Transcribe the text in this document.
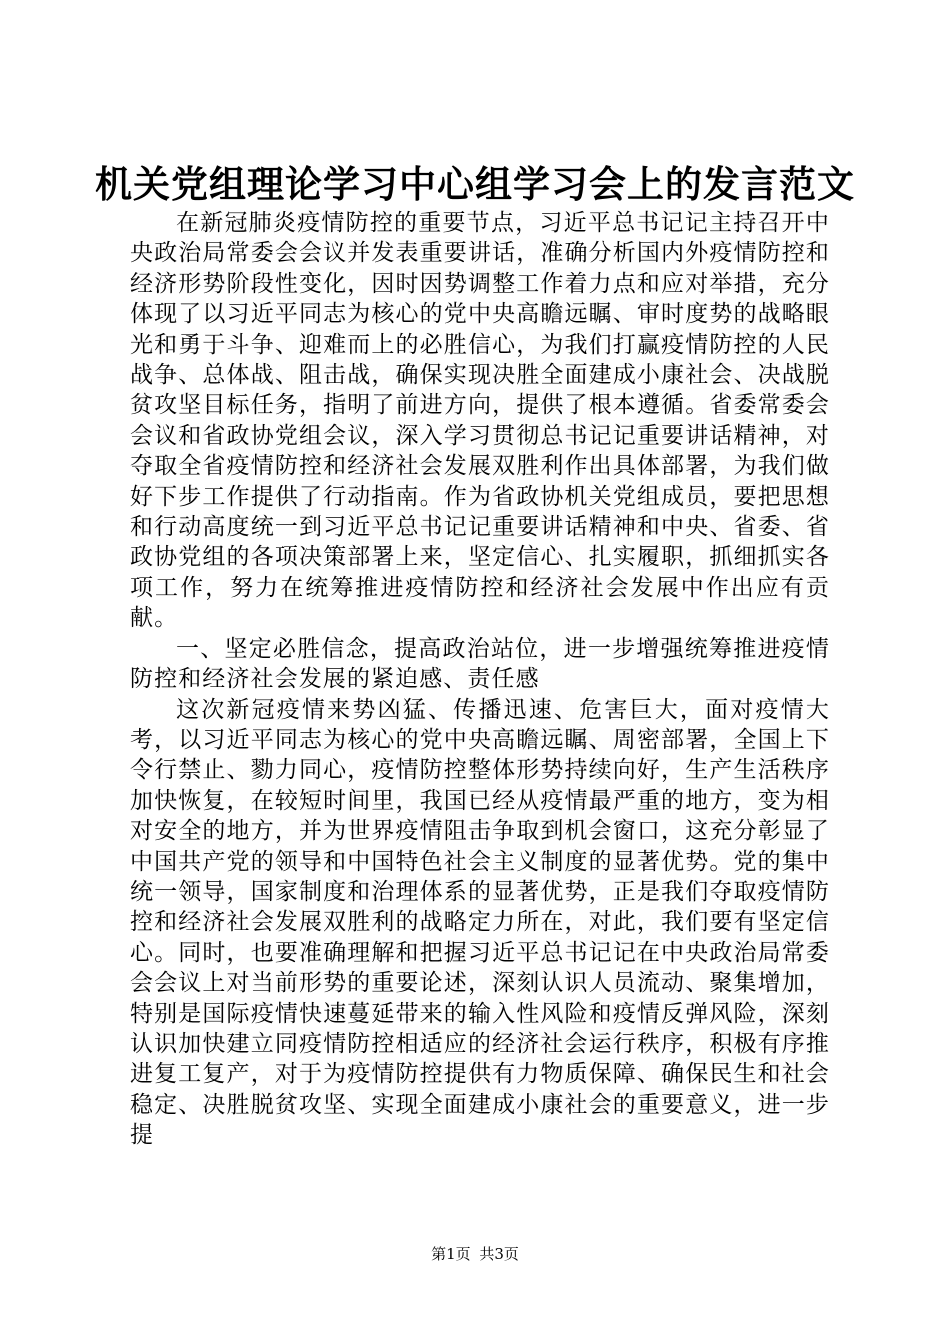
机关党组理论学习中心组学习会上的发言范文

在新冠肺炎疫情防控的重要节点，习近平总书记记主持召开中央政治局常委会会议并发表重要讲话，准确分析国内外疫情防控和经济形势阶段性变化，因时因势调整工作着力点和应对举措，充分体现了以习近平同志为核心的党中央高瞻远瞩、审时度势的战略眼光和勇于斗争、迎难而上的必胜信心，为我们打赢疫情防控的人民战争、总体战、阻击战，确保实现决胜全面建成小康社会、决战脱贫攻坚目标任务，指明了前进方向，提供了根本遵循。省委常委会会议和省政协党组会议，深入学习贯彻总书记记重要讲话精神，对夺取全省疫情防控和经济社会发展双胜利作出具体部署，为我们做好下步工作提供了行动指南。作为省政协机关党组成员，要把思想和行动高度统一到习近平总书记记重要讲话精神和中央、省委、省政协党组的各项决策部署上来，坚定信心、扎实履职，抓细抓实各项工作，努力在统筹推进疫情防控和经济社会发展中作出应有贡献。

一、坚定必胜信念，提高政治站位，进一步增强统筹推进疫情防控和经济社会发展的紧迫感、责任感

这次新冠疫情来势凶猛、传播迅速、危害巨大，面对疫情大考，以习近平同志为核心的党中央高瞻远瞩、周密部署，全国上下令行禁止、勠力同心，疫情防控整体形势持续向好，生产生活秩序加快恢复，在较短时间里，我国已经从疫情最严重的地方，变为相对安全的地方，并为世界疫情阻击争取到机会窗口，这充分彰显了中国共产党的领导和中国特色社会主义制度的显著优势。党的集中统一领导，国家制度和治理体系的显著优势，正是我们夺取疫情防控和经济社会发展双胜利的战略定力所在，对此，我们要有坚定信心。同时，也要准确理解和把握习近平总书记记在中央政治局常委会会议上对当前形势的重要论述，深刻认识人员流动、聚集增加，特别是国际疫情快速蔓延带来的输入性风险和疫情反弹风险，深刻认识加快建立同疫情防控相适应的经济社会运行秩序，积极有序推进复工复产，对于为疫情防控提供有力物质保障、确保民生和社会稳定、决胜脱贫攻坚、实现全面建成小康社会的重要意义，进一步提

第1页 共3页
